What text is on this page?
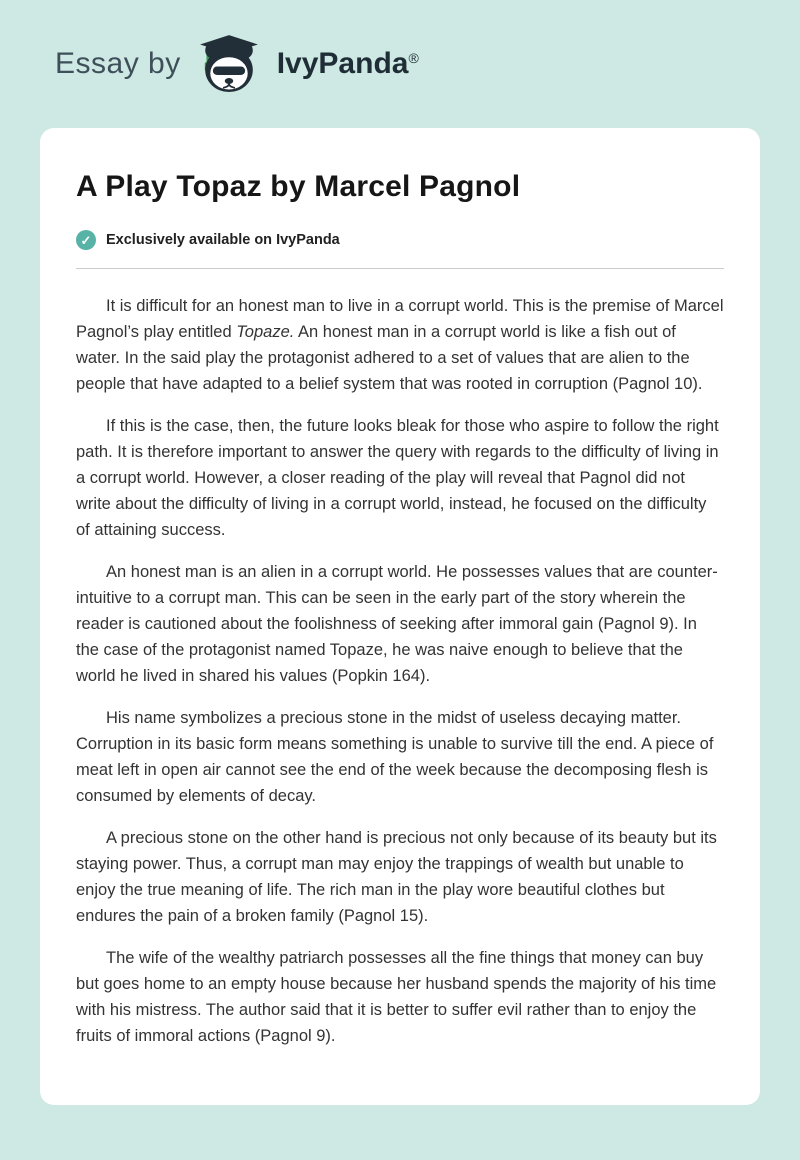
Essay by	IvyPanda®
A Play Topaz by Marcel Pagnol
✓	Exclusively available on IvyPanda

It is difficult for an honest man to live in a corrupt world. This is the premise of Marcel Pagnol’s play entitled Topaze. An honest man in a corrupt world is like a fish out of water. In the said play the protagonist adhered to a set of values that are alien to the people that have adapted to a belief system that was rooted in corruption (Pagnol 10).

If this is the case, then, the future looks bleak for those who aspire to follow the right path. It is therefore important to answer the query with regards to the difficulty of living in a corrupt world. However, a closer reading of the play will reveal that Pagnol did not write about the difficulty of living in a corrupt world, instead, he focused on the difficulty of attaining success.

An honest man is an alien in a corrupt world. He possesses values that are counter-intuitive to a corrupt man. This can be seen in the early part of the story wherein the reader is cautioned about the foolishness of seeking after immoral gain (Pagnol 9). In the case of the protagonist named Topaze, he was naive enough to believe that the world he lived in shared his values (Popkin 164).

His name symbolizes a precious stone in the midst of useless decaying matter. Corruption in its basic form means something is unable to survive till the end. A piece of meat left in open air cannot see the end of the week because the decomposing flesh is consumed by elements of decay.

A precious stone on the other hand is precious not only because of its beauty but its staying power. Thus, a corrupt man may enjoy the trappings of wealth but unable to enjoy the true meaning of life. The rich man in the play wore beautiful clothes but endures the pain of a broken family (Pagnol 15).

The wife of the wealthy patriarch possesses all the fine things that money can buy but goes home to an empty house because her husband spends the majority of his time with his mistress. The author said that it is better to suffer evil rather than to enjoy the fruits of immoral actions (Pagnol 9).
